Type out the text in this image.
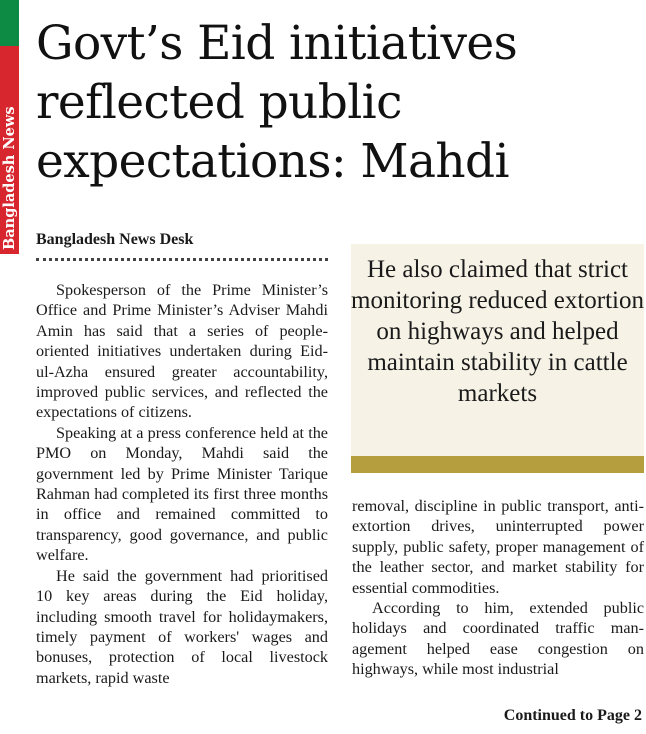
Bangladesh News
Govt’s Eid initiatives reflected public expectations: Mahdi
Bangladesh News Desk

Spokesperson of the Prime Minister’s Office and Prime Minister’s Adviser Mahdi Amin has said that a series of people-oriented initiatives undertaken during Eid-ul-Azha ensured greater accountability, improved public services, and reflected the expectations of citizens.

Speaking at a press conference held at the PMO on Monday, Mahdi said the government led by Prime Minister Tarique Rahman had completed its first three months in office and remained committed to transparency, good governance, and public welfare.

He said the government had prioritised 10 key areas during the Eid holiday, including smooth travel for holidaymakers, timely payment of workers' wages and bonuses, protection of local livestock markets, rapid waste

He also claimed that strict monitoring reduced extortion on highways and helped maintain stability in cattle markets

removal, discipline in public transport, anti-extortion drives, uninterrupted power supply, public safety, proper management of the leather sector, and market stability for essential commodities.

According to him, extended public holidays and coordinated traffic management helped ease congestion on highways, while most industrial

Continued to Page 2
